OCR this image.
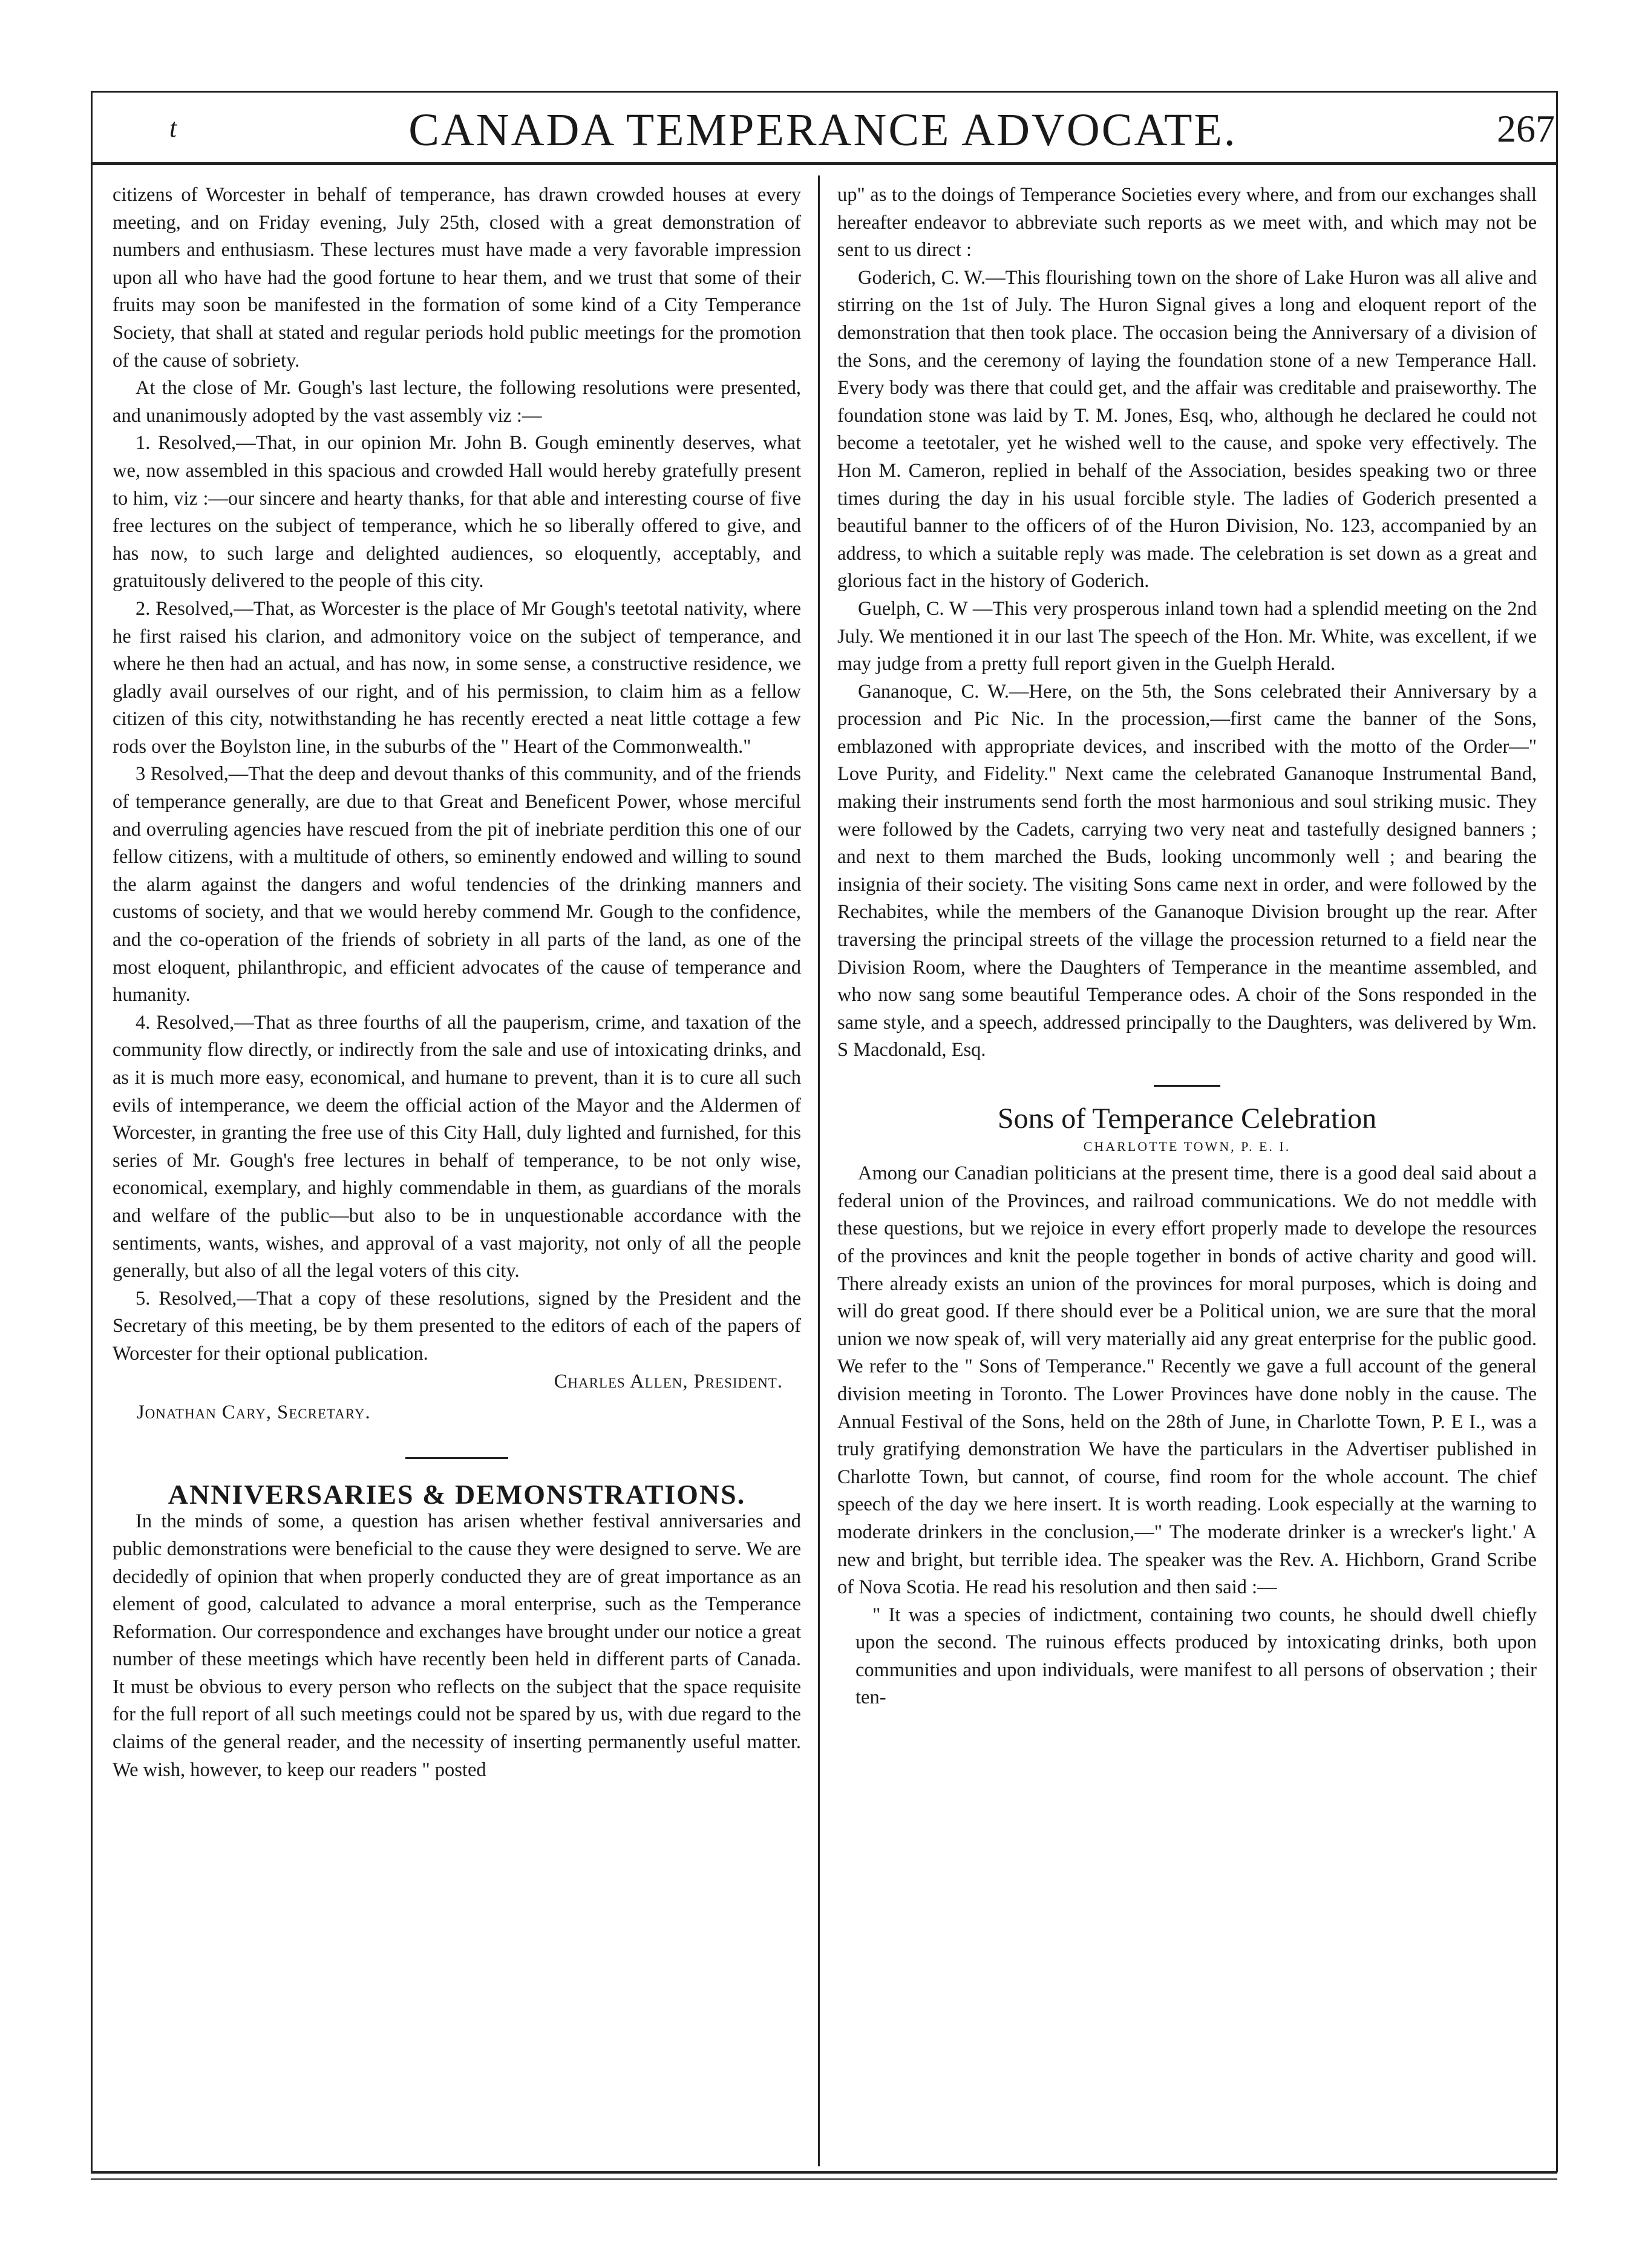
t	CANADA TEMPERANCE ADVOCATE.	267

citizens of Worcester in behalf of temperance, has drawn crowded houses at every meeting, and on Friday evening, July 25th, closed with a great demonstration of numbers and enthusiasm. These lectures must have made a very favorable impression upon all who have had the good fortune to hear them, and we trust that some of their fruits may soon be manifested in the formation of some kind of a City Temperance Society, that shall at stated and regular periods hold public meetings for the promotion of the cause of sobriety.

At the close of Mr. Gough's last lecture, the following resolutions were presented, and unanimously adopted by the vast assembly viz :—

1. Resolved,—That, in our opinion Mr. John B. Gough eminently deserves, what we, now assembled in this spacious and crowded Hall would hereby gratefully present to him, viz :—our sincere and hearty thanks, for that able and interesting course of five free lectures on the subject of temperance, which he so liberally offered to give, and has now, to such large and delighted audiences, so eloquently, acceptably, and gratuitously delivered to the people of this city.

2. Resolved,—That, as Worcester is the place of Mr Gough's teetotal nativity, where he first raised his clarion, and admonitory voice on the subject of temperance, and where he then had an actual, and has now, in some sense, a constructive residence, we gladly avail ourselves of our right, and of his permission, to claim him as a fellow citizen of this city, notwithstanding he has recently erected a neat little cottage a few rods over the Boylston line, in the suburbs of the " Heart of the Commonwealth."

3 Resolved,—That the deep and devout thanks of this community, and of the friends of temperance generally, are due to that Great and Beneficent Power, whose merciful and overruling agencies have rescued from the pit of inebriate perdition this one of our fellow citizens, with a multitude of others, so eminently endowed and willing to sound the alarm against the dangers and woful tendencies of the drinking manners and customs of society, and that we would hereby commend Mr. Gough to the confidence, and the co-operation of the friends of sobriety in all parts of the land, as one of the most eloquent, philanthropic, and efficient advocates of the cause of temperance and humanity.

4. Resolved,—That as three fourths of all the pauperism, crime, and taxation of the community flow directly, or indirectly from the sale and use of intoxicating drinks, and as it is much more easy, economical, and humane to prevent, than it is to cure all such evils of intemperance, we deem the official action of the Mayor and the Aldermen of Worcester, in granting the free use of this City Hall, duly lighted and furnished, for this series of Mr. Gough's free lectures in behalf of temperance, to be not only wise, economical, exemplary, and highly commendable in them, as guardians of the morals and welfare of the public—but also to be in unquestionable accordance with the sentiments, wants, wishes, and approval of a vast majority, not only of all the people generally, but also of all the legal voters of this city.

5. Resolved,—That a copy of these resolutions, signed by the President and the Secretary of this meeting, be by them presented to the editors of each of the papers of Worcester for their optional publication.

Charles Allen, President.

Jonathan Cary, Secretary.

ANNIVERSARIES & DEMONSTRATIONS.

In the minds of some, a question has arisen whether festival anniversaries and public demonstrations were beneficial to the cause they were designed to serve. We are decidedly of opinion that when properly conducted they are of great importance as an element of good, calculated to advance a moral enterprise, such as the Temperance Reformation. Our correspondence and exchanges have brought under our notice a great number of these meetings which have recently been held in different parts of Canada. It must be obvious to every person who reflects on the subject that the space requisite for the full report of all such meetings could not be spared by us, with due regard to the claims of the general reader, and the necessity of inserting permanently useful matter. We wish, however, to keep our readers " posted

up" as to the doings of Temperance Societies every where, and from our exchanges shall hereafter endeavor to abbreviate such reports as we meet with, and which may not be sent to us direct :

Goderich, C. W.—This flourishing town on the shore of Lake Huron was all alive and stirring on the 1st of July. The Huron Signal gives a long and eloquent report of the demonstration that then took place. The occasion being the Anniversary of a division of the Sons, and the ceremony of laying the foundation stone of a new Temperance Hall. Every body was there that could get, and the affair was creditable and praiseworthy. The foundation stone was laid by T. M. Jones, Esq, who, although he declared he could not become a teetotaler, yet he wished well to the cause, and spoke very effectively. The Hon M. Cameron, replied in behalf of the Association, besides speaking two or three times during the day in his usual forcible style. The ladies of Goderich presented a beautiful banner to the officers of of the Huron Division, No. 123, accompanied by an address, to which a suitable reply was made. The celebration is set down as a great and glorious fact in the history of Goderich.

Guelph, C. W —This very prosperous inland town had a splendid meeting on the 2nd July. We mentioned it in our last The speech of the Hon. Mr. White, was excellent, if we may judge from a pretty full report given in the Guelph Herald.

Gananoque, C. W.—Here, on the 5th, the Sons celebrated their Anniversary by a procession and Pic Nic. In the procession,—first came the banner of the Sons, emblazoned with appropriate devices, and inscribed with the motto of the Order—" Love Purity, and Fidelity." Next came the celebrated Gananoque Instrumental Band, making their instruments send forth the most harmonious and soul striking music. They were followed by the Cadets, carrying two very neat and tastefully designed banners ; and next to them marched the Buds, looking uncommonly well ; and bearing the insignia of their society. The visiting Sons came next in order, and were followed by the Rechabites, while the members of the Gananoque Division brought up the rear. After traversing the principal streets of the village the procession returned to a field near the Division Room, where the Daughters of Temperance in the meantime assembled, and who now sang some beautiful Temperance odes. A choir of the Sons responded in the same style, and a speech, addressed principally to the Daughters, was delivered by Wm. S Macdonald, Esq.

Sons of Temperance Celebration

CHARLOTTE TOWN, P. E. I.

Among our Canadian politicians at the present time, there is a good deal said about a federal union of the Provinces, and railroad communications. We do not meddle with these questions, but we rejoice in every effort properly made to develope the resources of the provinces and knit the people together in bonds of active charity and good will. There already exists an union of the provinces for moral purposes, which is doing and will do great good. If there should ever be a Political union, we are sure that the moral union we now speak of, will very materially aid any great enterprise for the public good. We refer to the " Sons of Temperance." Recently we gave a full account of the general division meeting in Toronto. The Lower Provinces have done nobly in the cause. The Annual Festival of the Sons, held on the 28th of June, in Charlotte Town, P. E I., was a truly gratifying demonstration We have the particulars in the Advertiser published in Charlotte Town, but cannot, of course, find room for the whole account. The chief speech of the day we here insert. It is worth reading. Look especially at the warning to moderate drinkers in the conclusion,—" The moderate drinker is a wrecker's light.' A new and bright, but terrible idea. The speaker was the Rev. A. Hichborn, Grand Scribe of Nova Scotia. He read his resolution and then said :—

" It was a species of indictment, containing two counts, he should dwell chiefly upon the second. The ruinous effects produced by intoxicating drinks, both upon communities and upon individuals, were manifest to all persons of observation ; their ten-
